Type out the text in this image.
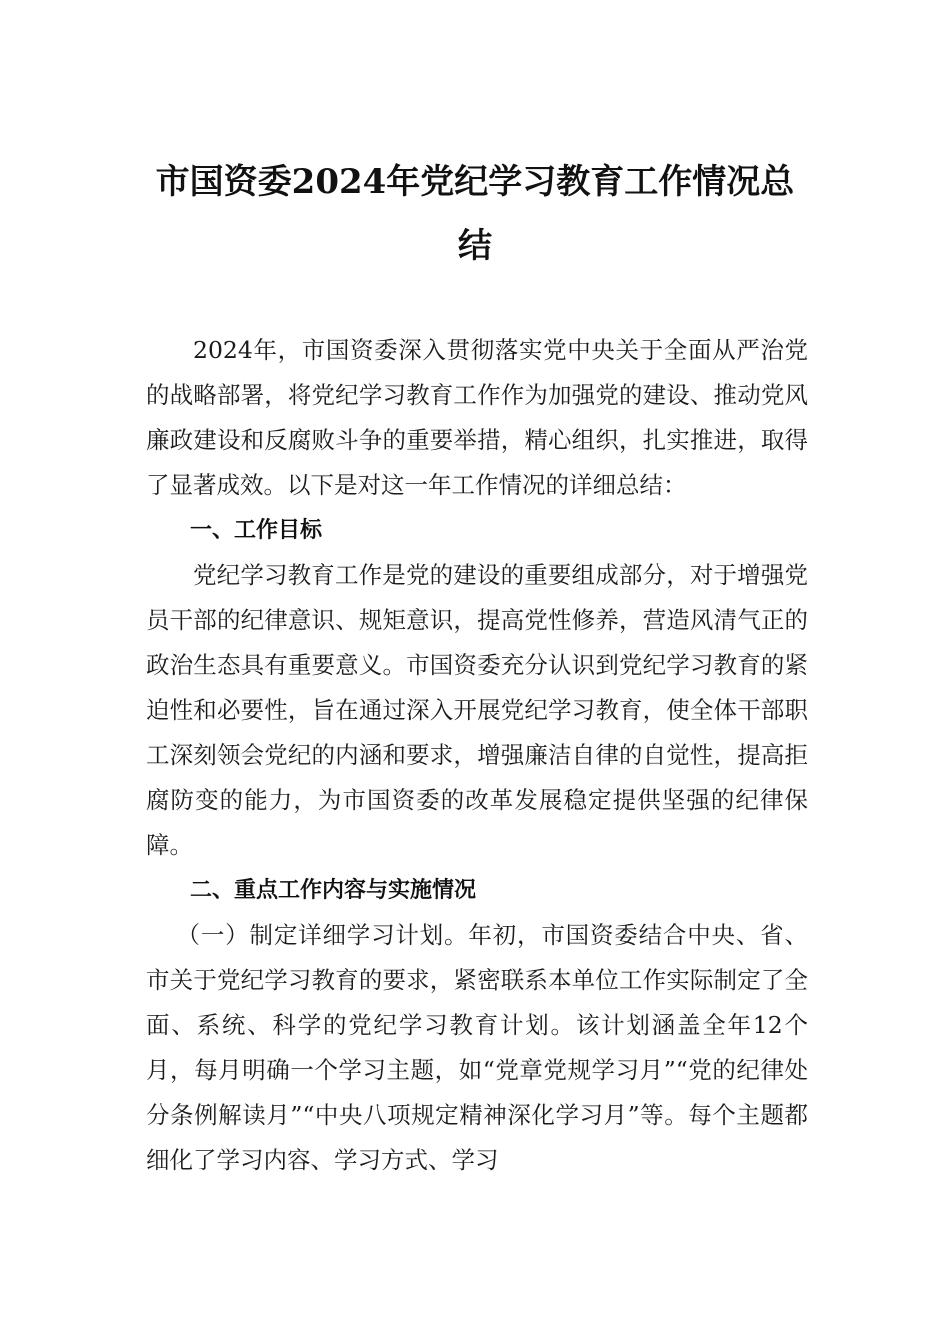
市国资委2024年党纪学习教育工作情况总结

2024年，市国资委深入贯彻落实党中央关于全面从严治党的战略部署，将党纪学习教育工作作为加强党的建设、推动党风廉政建设和反腐败斗争的重要举措，精心组织，扎实推进，取得了显著成效。以下是对这一年工作情况的详细总结：

一、工作目标

党纪学习教育工作是党的建设的重要组成部分，对于增强党员干部的纪律意识、规矩意识，提高党性修养，营造风清气正的政治生态具有重要意义。市国资委充分认识到党纪学习教育的紧迫性和必要性，旨在通过深入开展党纪学习教育，使全体干部职工深刻领会党纪的内涵和要求，增强廉洁自律的自觉性，提高拒腐防变的能力，为市国资委的改革发展稳定提供坚强的纪律保障。

二、重点工作内容与实施情况

（一）制定详细学习计划。年初，市国资委结合中央、省、市关于党纪学习教育的要求，紧密联系本单位工作实际制定了全面、系统、科学的党纪学习教育计划。该计划涵盖全年12个月，每月明确一个学习主题，如“党章党规学习月”“党的纪律处分条例解读月”“中央八项规定精神深化学习月”等。每个主题都细化了学习内容、学习方式、学习
